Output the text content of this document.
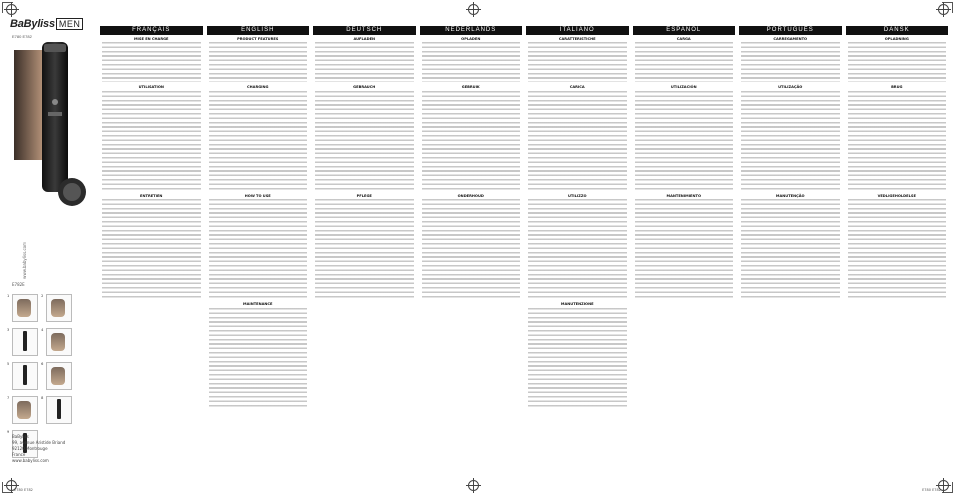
BaByliss MEN
E780 E782
www.babyliss.com
E782E
1
	2

3
	4

5
	6

7
	8

9
BaByliss
99, avenue Aristide Briand
92120 Montrouge
France
www.babyliss.com
FRANÇAIS
MISE EN CHARGE
UTILISATION
ENTRETIEN
ENGLISH
PRODUCT FEATURES
CHARGING
HOW TO USE
MAINTENANCE
DEUTSCH
AUFLADEN
GEBRAUCH
PFLEGE
NEDERLANDS
OPLADEN
GEBRUIK
ONDERHOUD
ITALIANO
CARATTERISTICHE
CARICA
UTILIZZO
MANUTENZIONE
ESPAÑOL
CARGA
UTILIZACIÓN
MANTENIMIENTO
PORTUGUÊS
CARREGAMENTO
UTILIZAÇÃO
MANUTENÇÃO
DANSK
OPLADNING
BRUG
VEDLIGEHOLDELSE
E780 E782	E780 E782
